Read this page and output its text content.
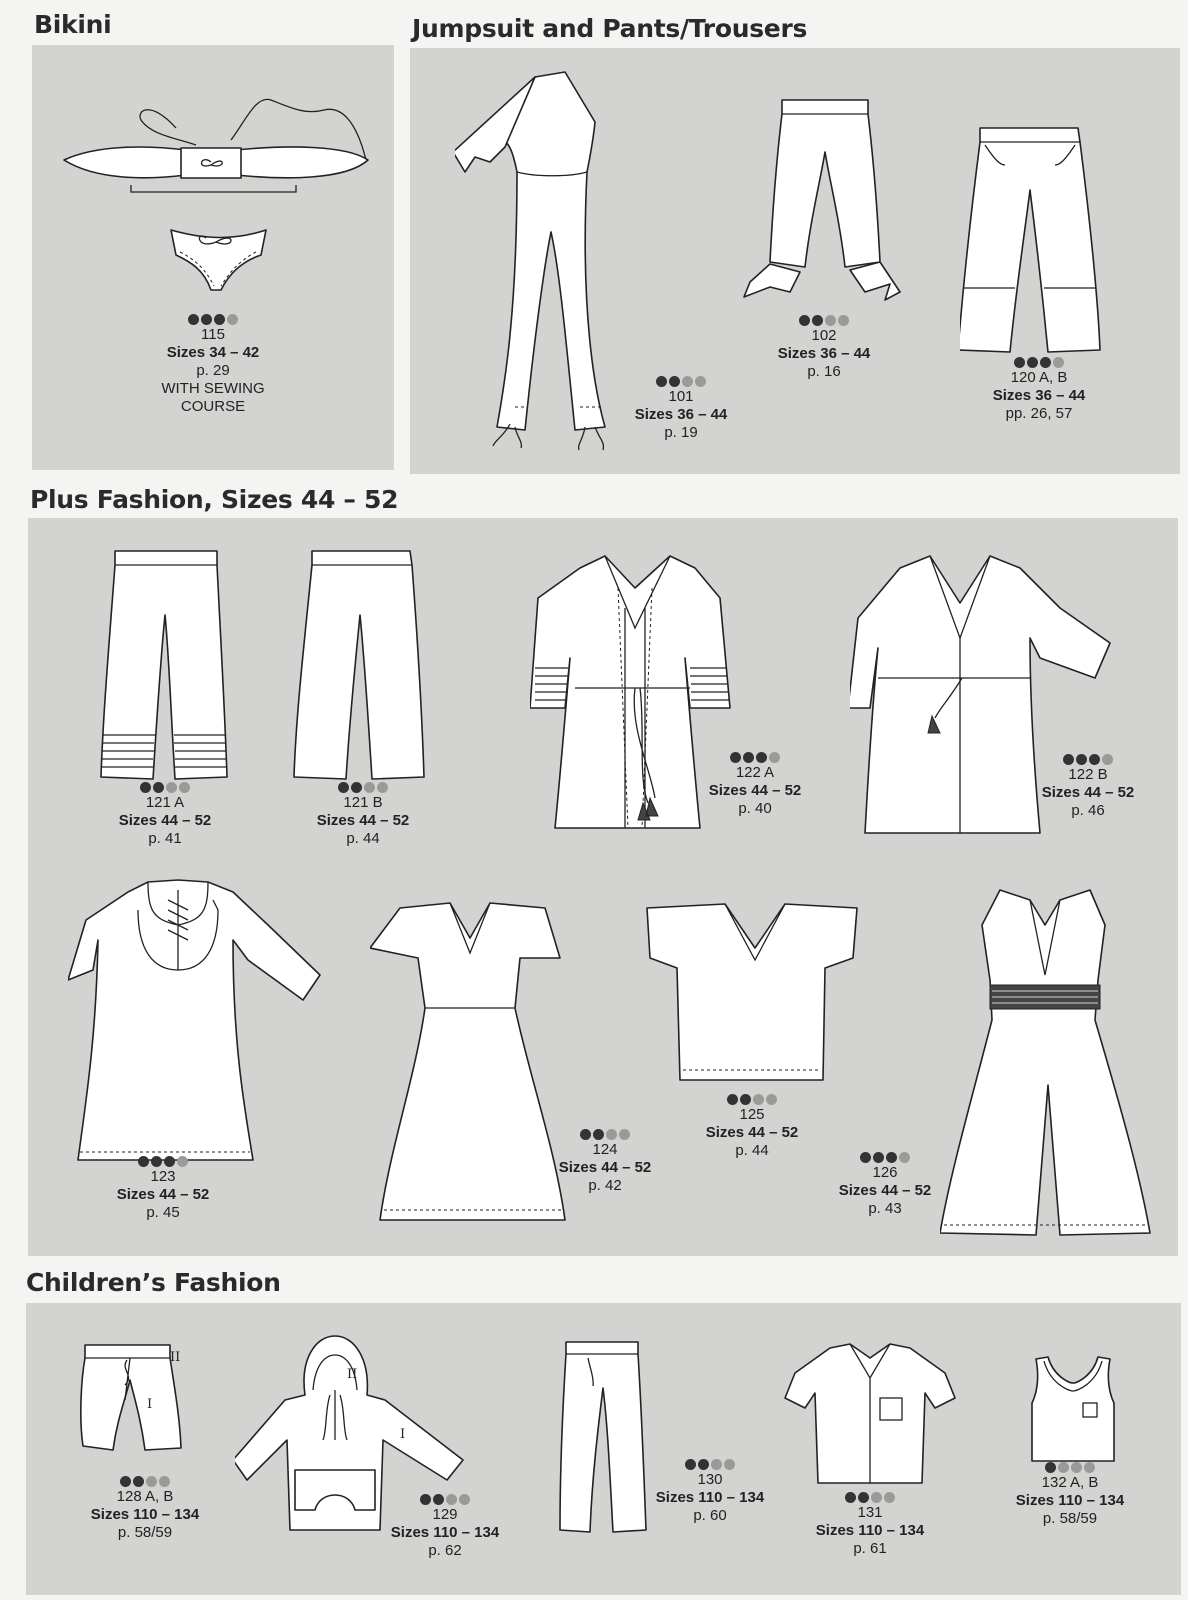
Bikini	Jumpsuit and Pants/Trousers
Plus Fashion, Sizes 44 – 52
Children’s Fashion
115
Sizes 34 – 42
p. 29
WITH SEWING COURSE
101
Sizes 36 – 44
p. 19
102
Sizes 36 – 44
p. 16	120 A, B
Sizes 36 – 44
pp. 26, 57
121 A
Sizes 44 – 52
p. 41
121 B
Sizes 44 – 52
p. 44
122 A
Sizes 44 – 52
p. 40
122 B
Sizes 44 – 52
p. 46
123
Sizes 44 – 52
p. 45
124
Sizes 44 – 52
p. 42
125
Sizes 44 – 52
p. 44
126
Sizes 44 – 52
p. 43
I
II
128 A, B
Sizes 110 – 134
p. 58/59
II
I
129
Sizes 110 – 134
p. 62
130
Sizes 110 – 134
p. 60	131
Sizes 110 – 134
p. 61
132 A, B
Sizes 110 – 134
p. 58/59
